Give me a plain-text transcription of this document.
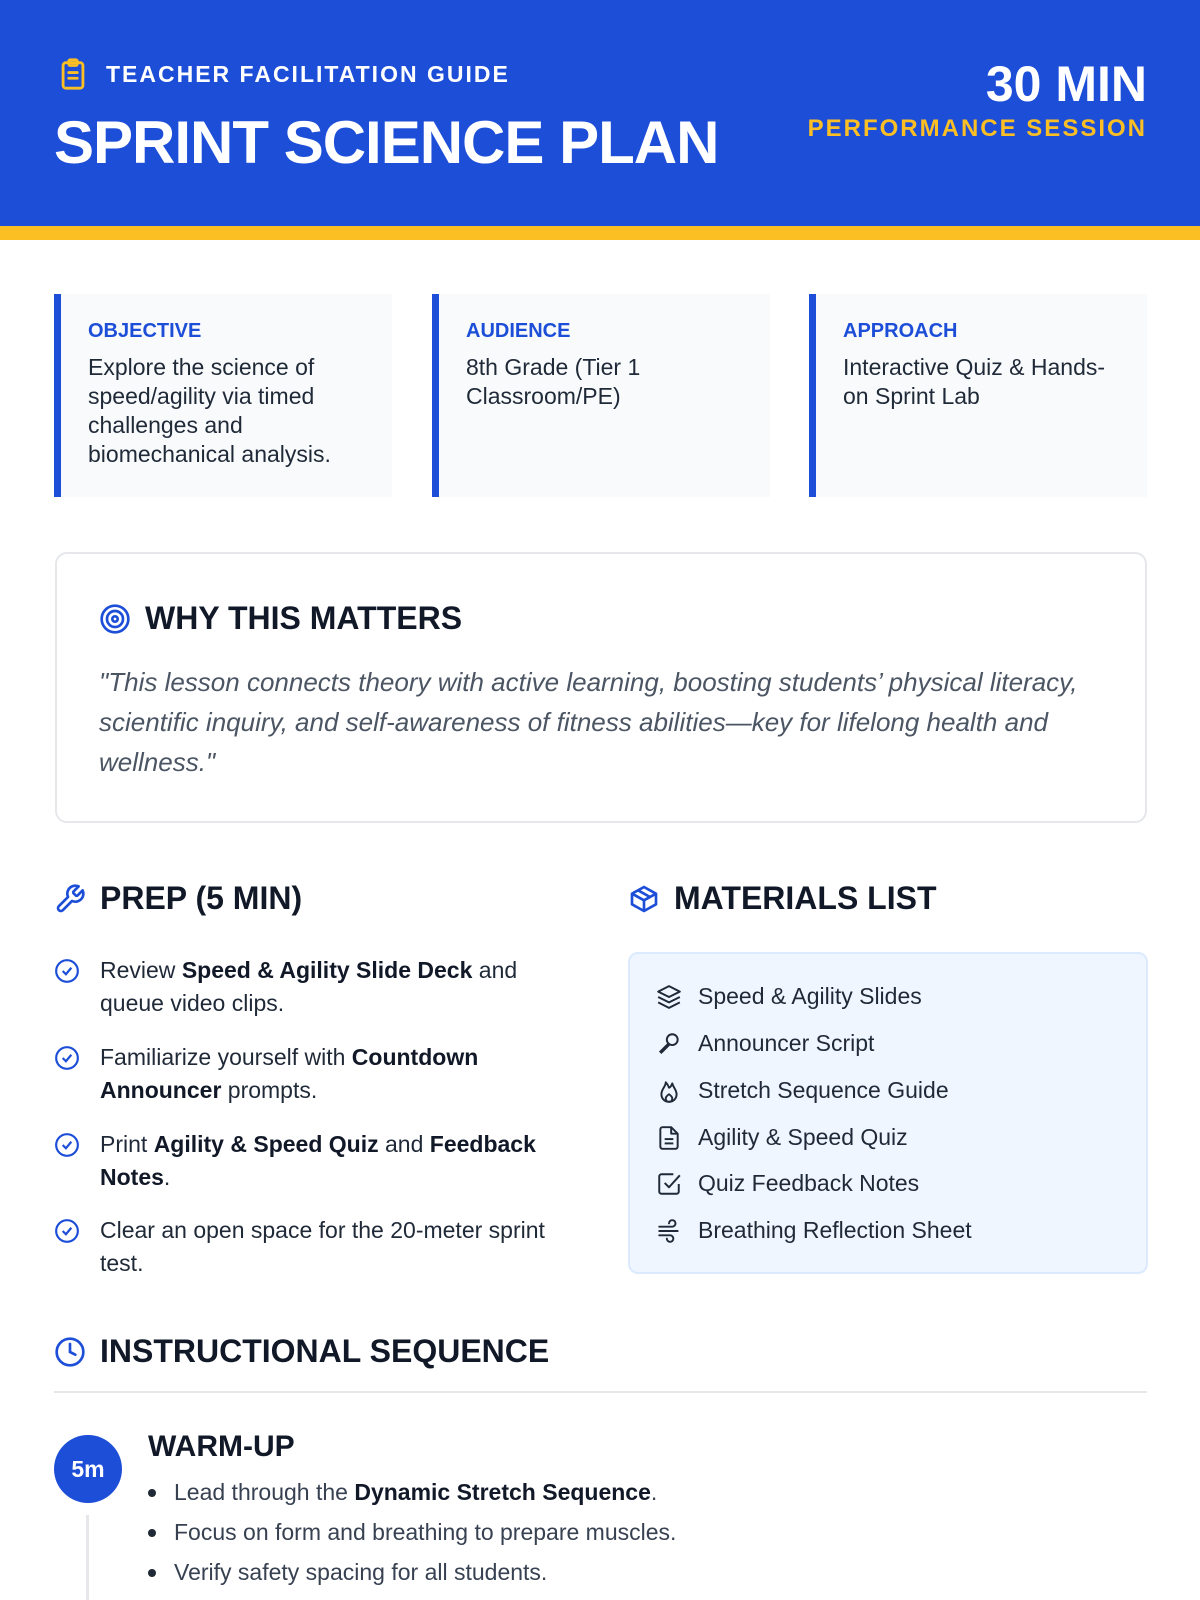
TEACHER FACILITATION GUIDE
SPRINT SCIENCE PLAN
30 MIN
PERFORMANCE SESSION
OBJECTIVE
Explore the science of speed/agility via timed challenges and biomechanical analysis.
AUDIENCE
8th Grade (Tier 1 Classroom/PE)
APPROACH
Interactive Quiz & Hands-on Sprint Lab
WHY THIS MATTERS
"This lesson connects theory with active learning, boosting students’ physical literacy, scientific inquiry, and self-awareness of fitness abilities—key for lifelong health and wellness."
PREP (5 MIN)
Review Speed & Agility Slide Deck and queue video clips.
Familiarize yourself with Countdown Announcer prompts.
Print Agility & Speed Quiz and Feedback Notes.
Clear an open space for the 20-meter sprint test.
MATERIALS LIST
Speed & Agility Slides
Announcer Script
Stretch Sequence Guide
Agility & Speed Quiz
Quiz Feedback Notes
Breathing Reflection Sheet
INSTRUCTIONAL SEQUENCE
5m
WARM-UP
Lead through the Dynamic Stretch Sequence.
Focus on form and breathing to prepare muscles.
Verify safety spacing for all students.
